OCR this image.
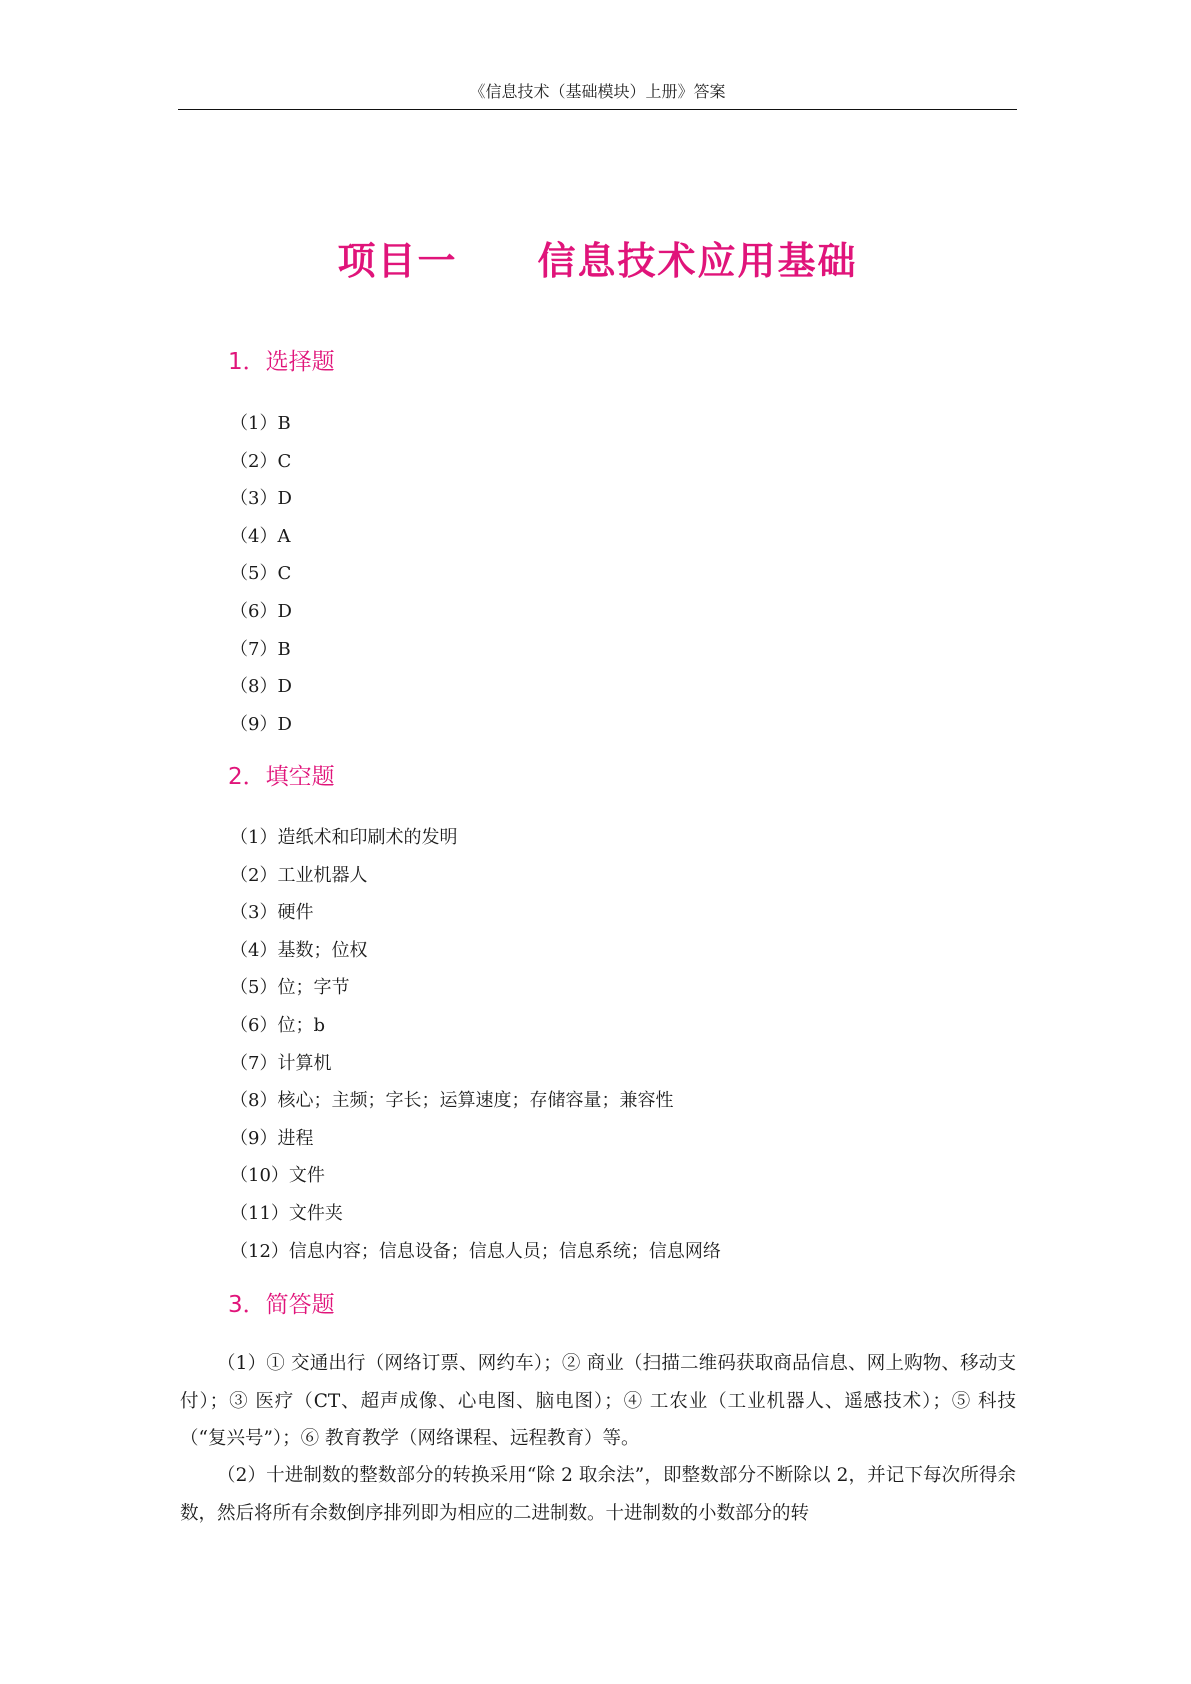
《信息技术（基础模块）上册》答案
项目一　　信息技术应用基础
1．选择题
（1）B
（2）C
（3）D
（4）A
（5）C
（6）D
（7）B
（8）D
（9）D
2．填空题
（1）造纸术和印刷术的发明
（2）工业机器人
（3）硬件
（4）基数；位权
（5）位；字节
（6）位；b
（7）计算机
（8）核心；主频；字长；运算速度；存储容量；兼容性
（9）进程
（10）文件
（11）文件夹
（12）信息内容；信息设备；信息人员；信息系统；信息网络
3．简答题

（1）① 交通出行（网络订票、网约车）；② 商业（扫描二维码获取商品信息、网上购物、移动支付）；③ 医疗（CT、超声成像、心电图、脑电图）；④ 工农业（工业机器人、遥感技术）；⑤ 科技（“复兴号”）；⑥ 教育教学（网络课程、远程教育）等。

（2）十进制数的整数部分的转换采用“除 2 取余法”，即整数部分不断除以 2，并记下每次所得余数，然后将所有余数倒序排列即为相应的二进制数。十进制数的小数部分的转
